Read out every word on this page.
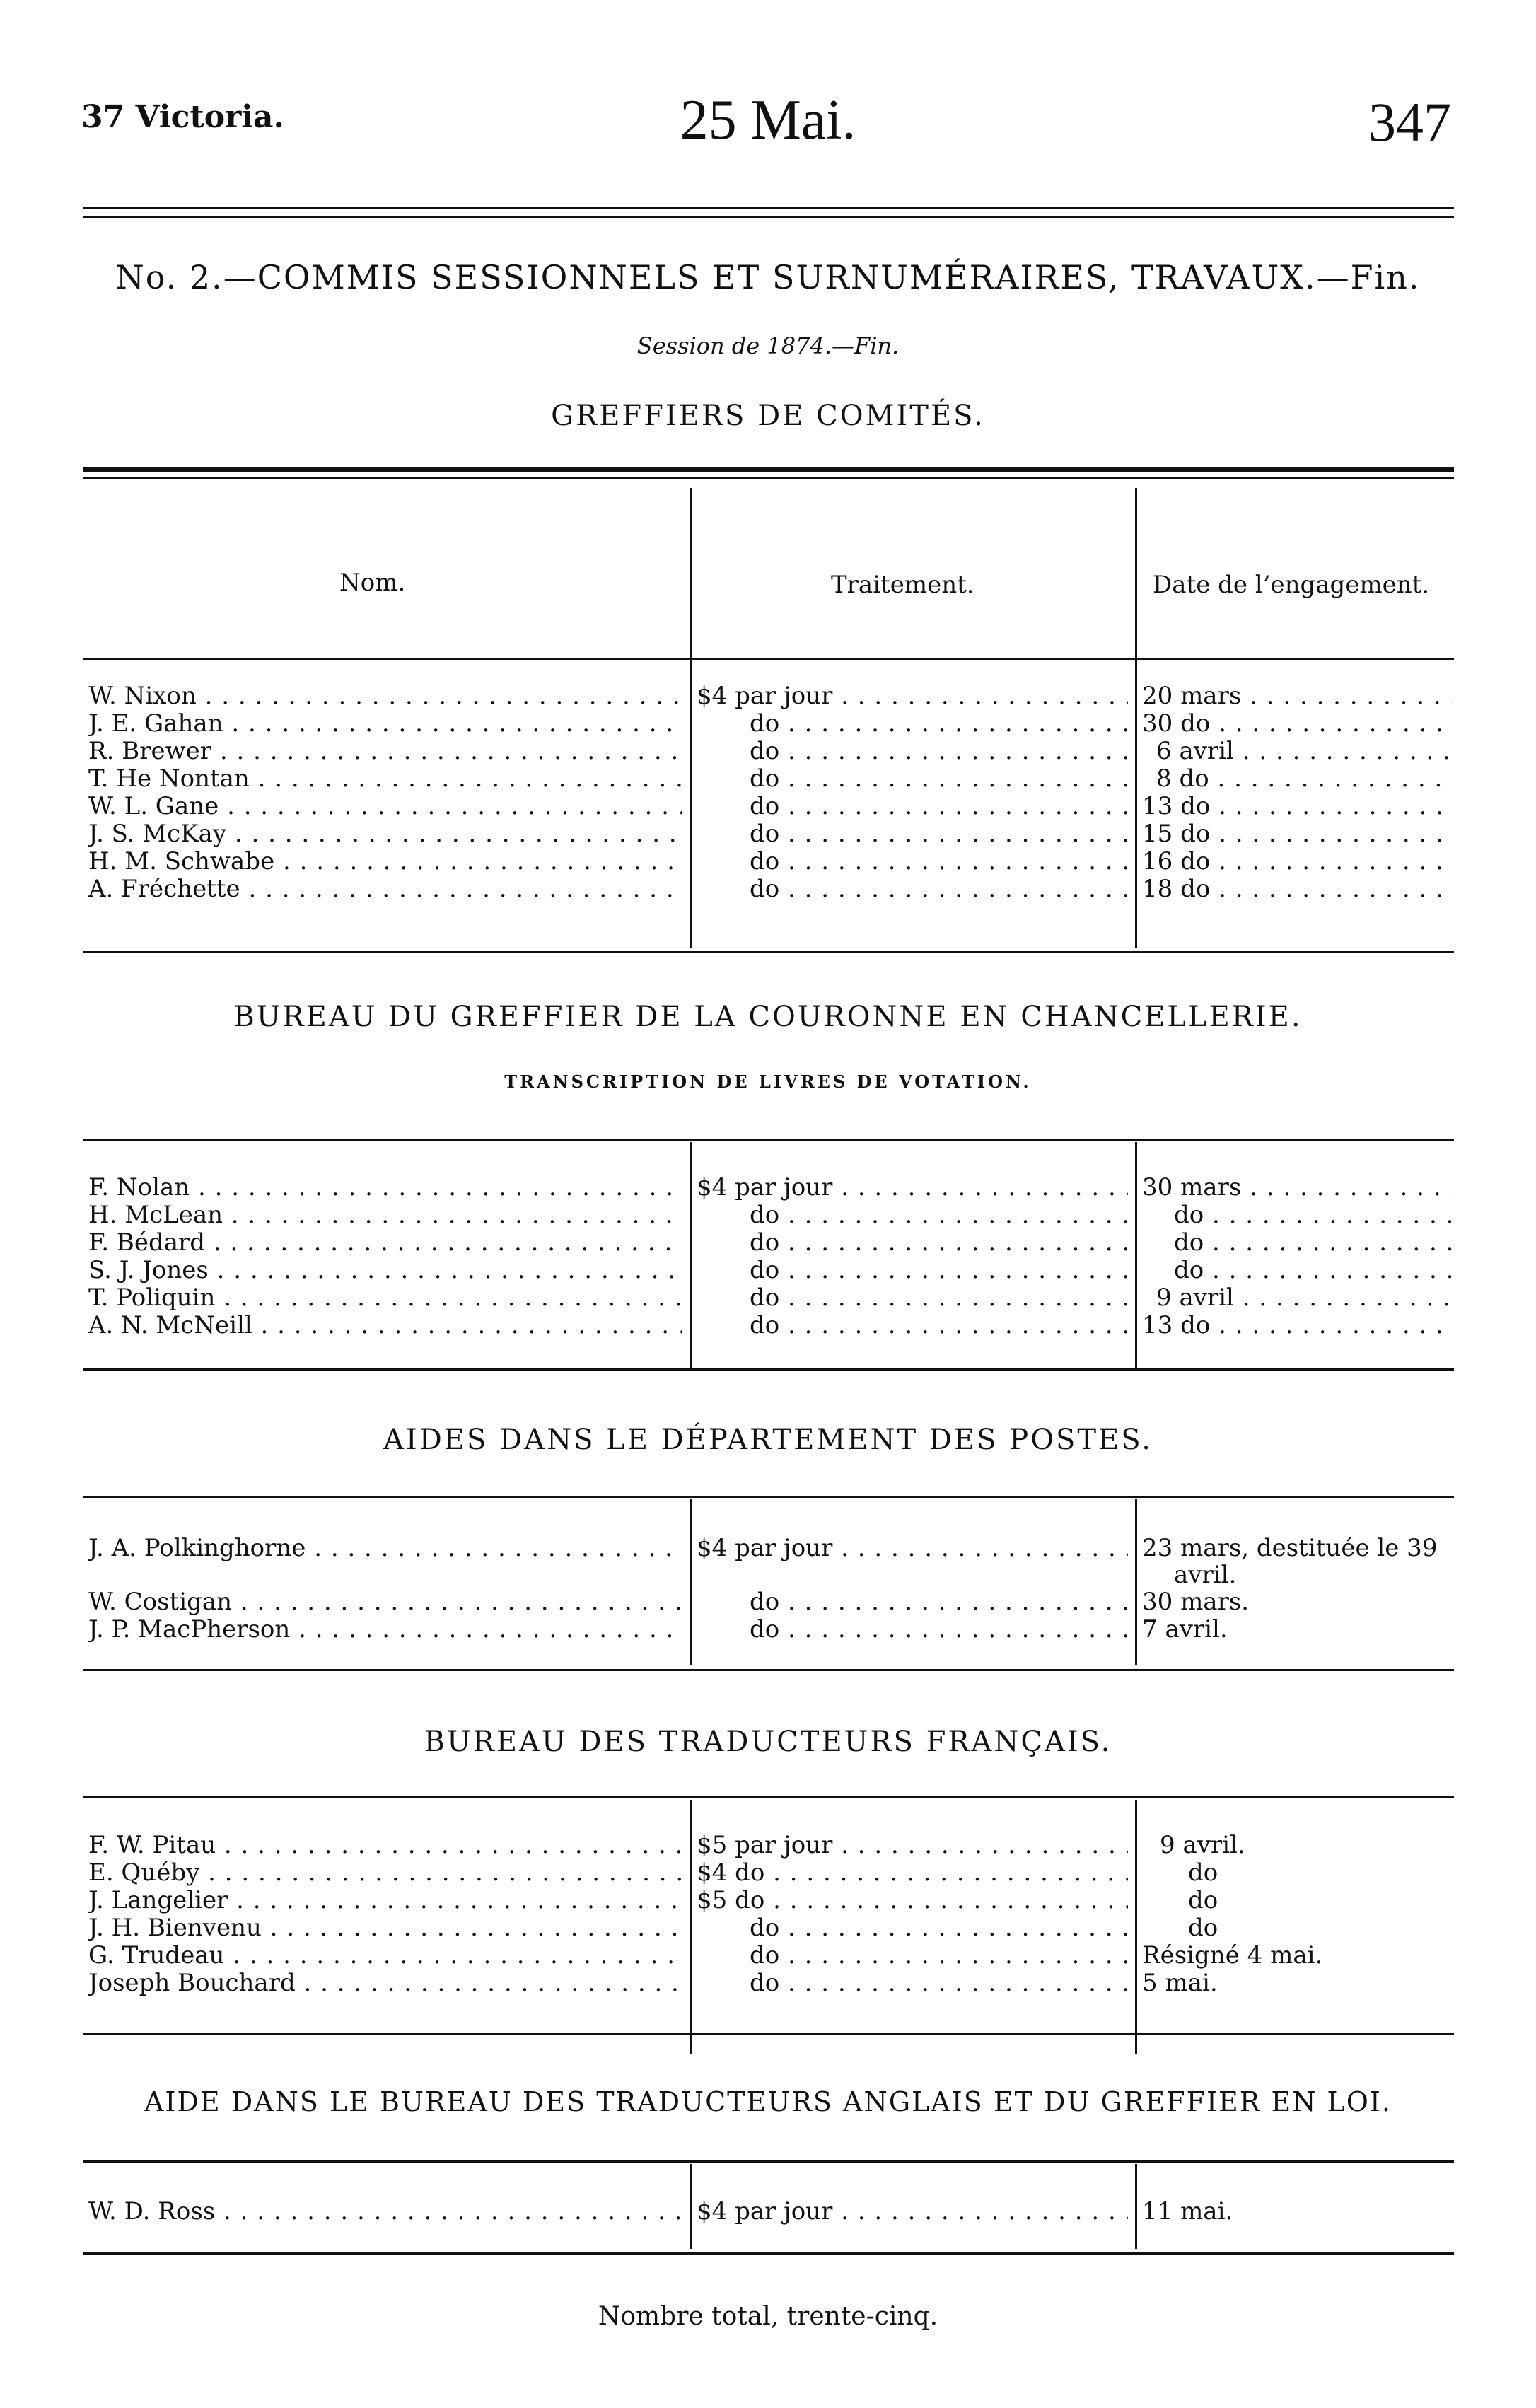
37 Victoria.	25 Mai.	347
No. 2.—COMMIS SESSIONNELS ET SURNUMÉRAIRES, TRAVAUX.—Fin.
Session de 1874.—Fin.
GREFFIERS DE COMITÉS.
Nom.	Traitement.	Date de l’engagement.
W. Nixon . . .	$4 par jour . . .	20 mars . . .
J. E. Gahan . . .	do . . .	30 do . . .
R. Brewer . . .	do . . .	6 avril . . .
T. He Nontan . . .	do . . .	8 do . . .
W. L. Gane . . .	do . . .	13 do . . .
J. S. McKay . . .	do . . .	15 do . . .
H. M. Schwabe . . .	do . . .	16 do . . .
A. Fréchette . . .	do . . .	18 do . . .
BUREAU DU GREFFIER DE LA COURONNE EN CHANCELLERIE.
TRANSCRIPTION DE LIVRES DE VOTATION.
F. Nolan . . .	$4 par jour . . .	30 mars . . .
H. McLean . . .	do . . .	do . . .
F. Bédard . . .	do . . .	do . . .
S. J. Jones . . .	do . . .	do . . .
T. Poliquin . . .	do . . .	9 avril . . .
A. N. McNeill . . .	do . . .	13 do . . .
AIDES DANS LE DÉPARTEMENT DES POSTES.
J. A. Polkinghorne . . .	$4 par jour . . .	23 mars, destituée le 39
avril.
W. Costigan . . .	do . . .	30 mars.
J. P. MacPherson . . .	do . . .	7 avril.
BUREAU DES TRADUCTEURS FRANÇAIS.
F. W. Pitau . . .	$5 par jour . . .	9 avril.
E. Québy . . .	$4 do . . .	do
J. Langelier . . .	$5 do . . .	do
J. H. Bienvenu . . .	do . . .	do
G. Trudeau . . .	do . . .	Résigné 4 mai.
Joseph Bouchard . . .	do . . .	5 mai.
AIDE DANS LE BUREAU DES TRADUCTEURS ANGLAIS ET DU GREFFIER EN LOI.
W. D. Ross . . .	$4 par jour . . .	11 mai.
Nombre total, trente-cinq.
